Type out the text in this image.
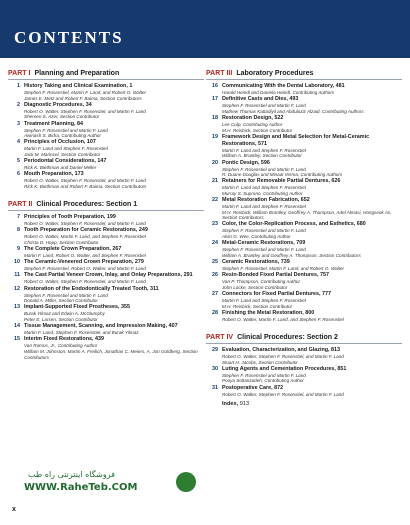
CONTENTS
PART I Planning and Preparation
1 History Taking and Clinical Examination, 1
Stephen F. Rosenstiel, Martin F. Land, and Robert O. Walter
James E. Metz and Robert F. Baima, Section Contributors
2 Diagnostic Procedures, 34
Robert O. Walter, Stephen F. Rosenstiel, and Martin F. Land
Shereen S. Azer, Section Contributor
3 Treatment Planning, 84
Stephen F. Rosenstiel and Martin F. Land
Awinash S. Bidra, Contributing Author
4 Principles of Occlusion, 107
Martin F. Land and Stephen F. Rosenstiel
Jack M. Marincel, Section Contributor
5 Periodontal Considerations, 147
Rick K. Biethman and Daniel Meller
6 Mouth Preparation, 173
Robert O. Walter, Stephen F. Rosenstiel, and Martin F. Land
Rick K. Biethman and Robert F. Baima, Section Contributors
PART II Clinical Procedures: Section 1
7 Principles of Tooth Preparation, 199
Robert O. Walter, Stephen F. Rosenstiel, and Martin F. Land
8 Tooth Preparation for Ceramic Restorations, 249
Robert O. Walter, Martin F. Land, and Stephen F. Rosenstiel
Christa D. Hopp, Section Contributor
9 The Complete Crown Preparation, 267
Martin F. Land, Robert O. Walter, and Stephen F. Rosenstiel
10 The Ceramic-Veneered Crown Preparation, 279
Stephen F. Rosenstiel, Robert O. Walter, and Martin F. Land
11 The Cast Partial Veneer Crown, Inlay, and Onlay Preparations, 291
Robert O. Walter, Stephen F. Rosenstiel, and Martin F. Land
12 Restoration of the Endodontically Treated Tooth, 311
Stephen F. Rosenstiel and Martin F. Land
Donald A. Miller, Section Contributor
13 Implant-Supported Fixed Prostheses, 355
Burak Yilmaz and Edwin A. McGlumphy
Peter E. Larsen, Section Contributor
14 Tissue Management, Scanning, and Impression Making, 407
Martin F. Land, Stephen F. Rosenstiel, and Burak Yilmaz
15 Interim Fixed Restorations, 439
Van Ramos, Jr., Contributing Author
William M. Johnston, Martin A. Freilich, Jonathan C. Meiers, A. Jon Goldberg, Section Contributors
PART III Laboratory Procedures
16 Communicating With the Dental Laboratory, 481
Harald Heindl and Daniela Heindl, Contributing Authors
17 Definitive Casts and Dies, 493
Stephen F. Rosenstiel and Martin F. Land
Mathew Thomas Kattadiyil and Abdulaziz Alzaid, Contributing Authors
18 Restoration Design, 522
Lee Culp, Contributing Author
M.H. Reisbick, Section Contributor
19 Framework Design and Metal Selection for Metal-Ceramic Restorations, 571
Martin F. Land and Stephen F. Rosenstiel
William A. Brantley, Section Contributor
20 Pontic Design, 596
Stephen F. Rosenstiel and Martin F. Land
R. Duane Douglas and Minaal Verma, Contributing Authors
21 Retainers for Removable Partial Dentures, 626
Martin F. Land and Stephen F. Rosenstiel
Murray S. Suprono, Contributing Author
22 Metal Restoration Fabrication, 652
Martin F. Land and Stephen F. Rosenstiel
M.H. Reisbick, William Brantley, Geoffrey A. Thompson, Adel Almasi, Hongseok An, Section Contributors
23 Color, the Color-Replication Process, and Esthetics, 680
Stephen F. Rosenstiel and Martin F. Land
Alvin G. Wee, Contributing Author
24 Metal-Ceramic Restorations, 709
Stephen F. Rosenstiel and Martin F. Land
William A. Brantley and Geoffrey A. Thompson, Section Contributors
25 Ceramic Restorations, 739
Stephen F. Rosenstiel, Martin F. Land, and Robert O. Walter
26 Resin-Bonded Fixed Partial Dentures, 757
Van P. Thompson, Contributing Author
John Locke, Section Contributor
27 Connectors for Fixed Partial Dentures, 777
Martin F. Land and Stephen F. Rosenstiel
M.H. Reisbick, Section Contributor
28 Finishing the Metal Restoration, 800
Robert O. Walter, Martin F. Land, and Stephen F. Rosenstiel
PART IV Clinical Procedures: Section 2
29 Evaluation, Characterization, and Glazing, 813
Robert O. Walter, Stephen F. Rosenstiel, and Martin F. Land
Stuart H. Jacobs, Section Contributor
30 Luting Agents and Cementation Procedures, 851
Stephen F. Rosenstiel and Martin F. Land
Pooya Soltanzadeh, Contributing Author
31 Postoperative Care, 872
Robert O. Walter, Stephen F. Rosenstiel, and Martin F. Land
Index, 913
فروشگاه اینترنتی راه طب
WWW.RahеTeb.COM
x
